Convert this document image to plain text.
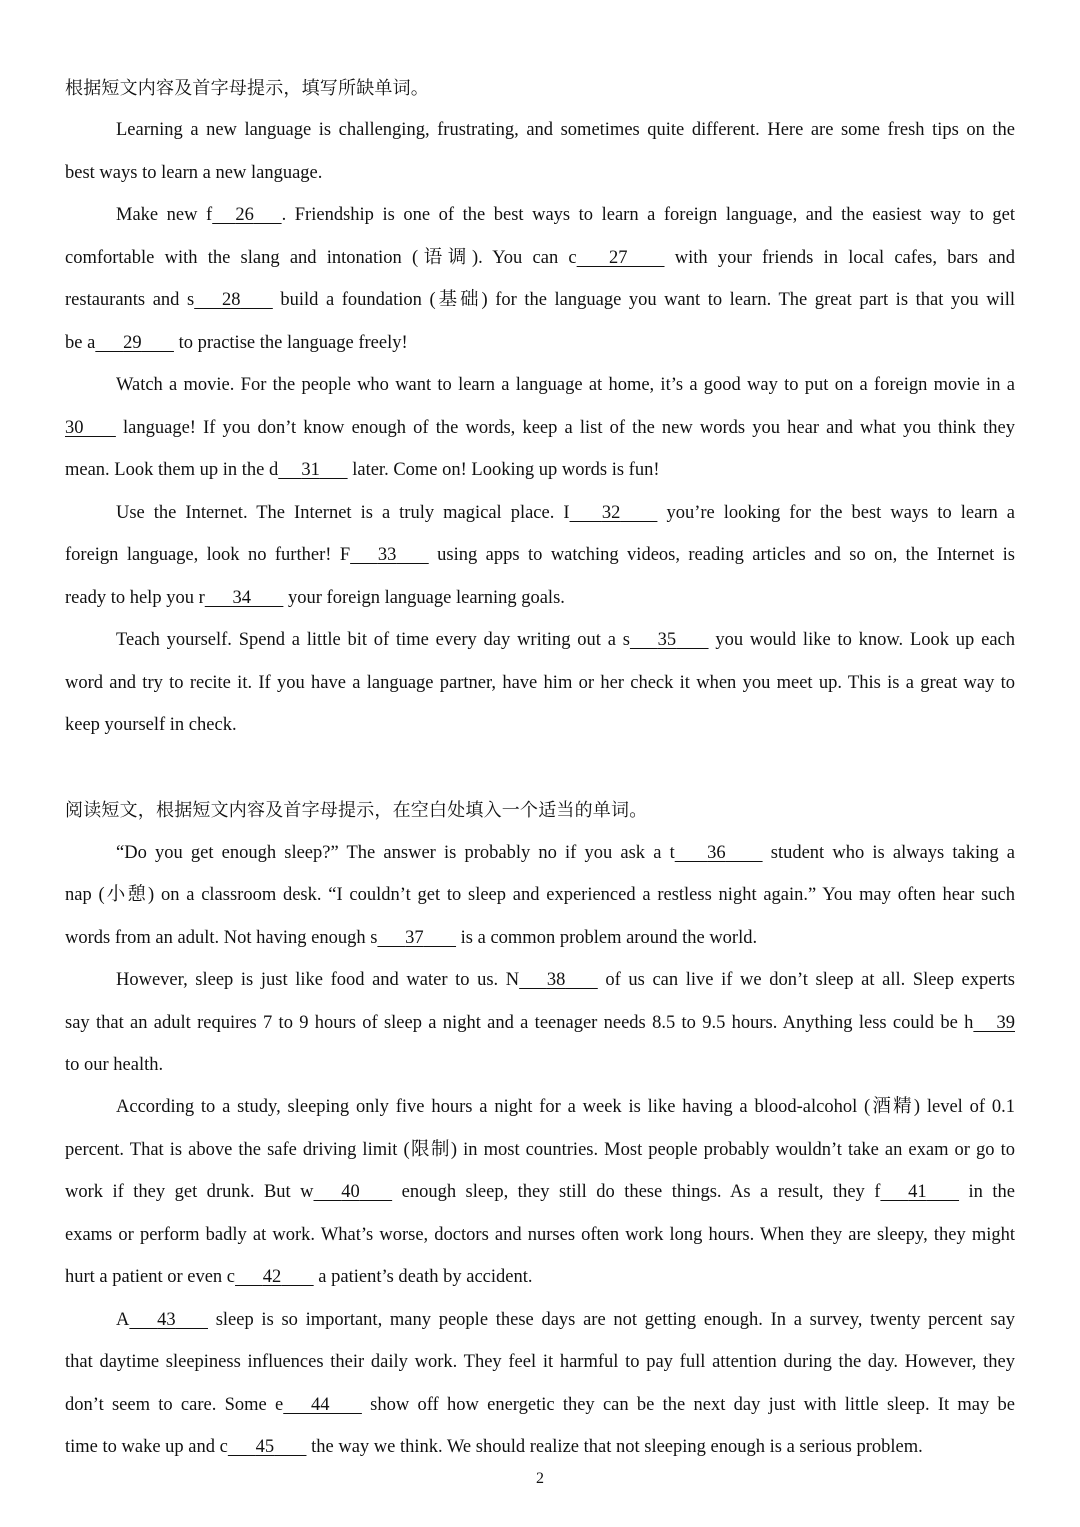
根据短文内容及首字母提示，填写所缺单词。
Learning a new language is challenging, frustrating, and sometimes quite different. Here are some fresh tips on the
best ways to learn a new language.
Make new f 26 . Friendship is one of the best ways to learn a foreign language, and the easiest way to get
comfortable with the slang and intonation (语调). You can c 27         with your friends in local cafes, bars and
restaurants and s 28        build a foundation (基础) for the language you want to learn. The great part is that you will
be a 29        to practise the language freely!
Watch a movie. For the people who want to learn a language at home, it’s a good way to put on a foreign movie in a
30        language! If you don’t know enough of the words, keep a list of the new words you hear and what you think they
mean. Look them up in the d 31       later. Come on! Looking up words is fun!
Use the Internet. The Internet is a truly magical place. I 32         you’re looking for the best ways to learn a
foreign language, look no further! F 33        using apps to watching videos, reading articles and so on, the Internet is
ready to help you r 34        your foreign language learning goals.
Teach yourself. Spend a little bit of time every day writing out a s 35        you would like to know. Look up each
word and try to recite it. If you have a language partner, have him or her check it when you meet up. This is a great way to
keep yourself in check.
阅读短文，根据短文内容及首字母提示，在空白处填入一个适当的单词。
“Do you get enough sleep?” The answer is probably no if you ask a t 36         student who is always taking a
nap (小憩) on a classroom desk. “I couldn’t get to sleep and experienced a restless night again.” You may often hear such
words from an adult. Not having enough s 37        is a common problem around the world.
However, sleep is just like food and water to us. N 38        of us can live if we don’t sleep at all. Sleep experts
say that an adult requires 7 to 9 hours of sleep a night and a teenager needs 8.5 to 9.5 hours. Anything less could be h 39
to our health.
According to a study, sleeping only five hours a night for a week is like having a blood-alcohol (酒精) level of 0.1
percent. That is above the safe driving limit (限制) in most countries. Most people probably wouldn’t take an exam or go to
work if they get drunk. But w 40        enough sleep, they still do these things. As a result, they f 41        in the
exams or perform badly at work. What’s worse, doctors and nurses often work long hours. When they are sleepy, they might
hurt a patient or even c 42        a patient’s death by accident.
A 43        sleep is so important, many people these days are not getting enough. In a survey, twenty percent say
that daytime sleepiness influences their daily work. They feel it harmful to pay full attention during the day. However, they
don’t seem to care. Some e 44        show off how energetic they can be the next day just with little sleep. It may be
time to wake up and c 45        the way we think. We should realize that not sleeping enough is a serious problem.
2
